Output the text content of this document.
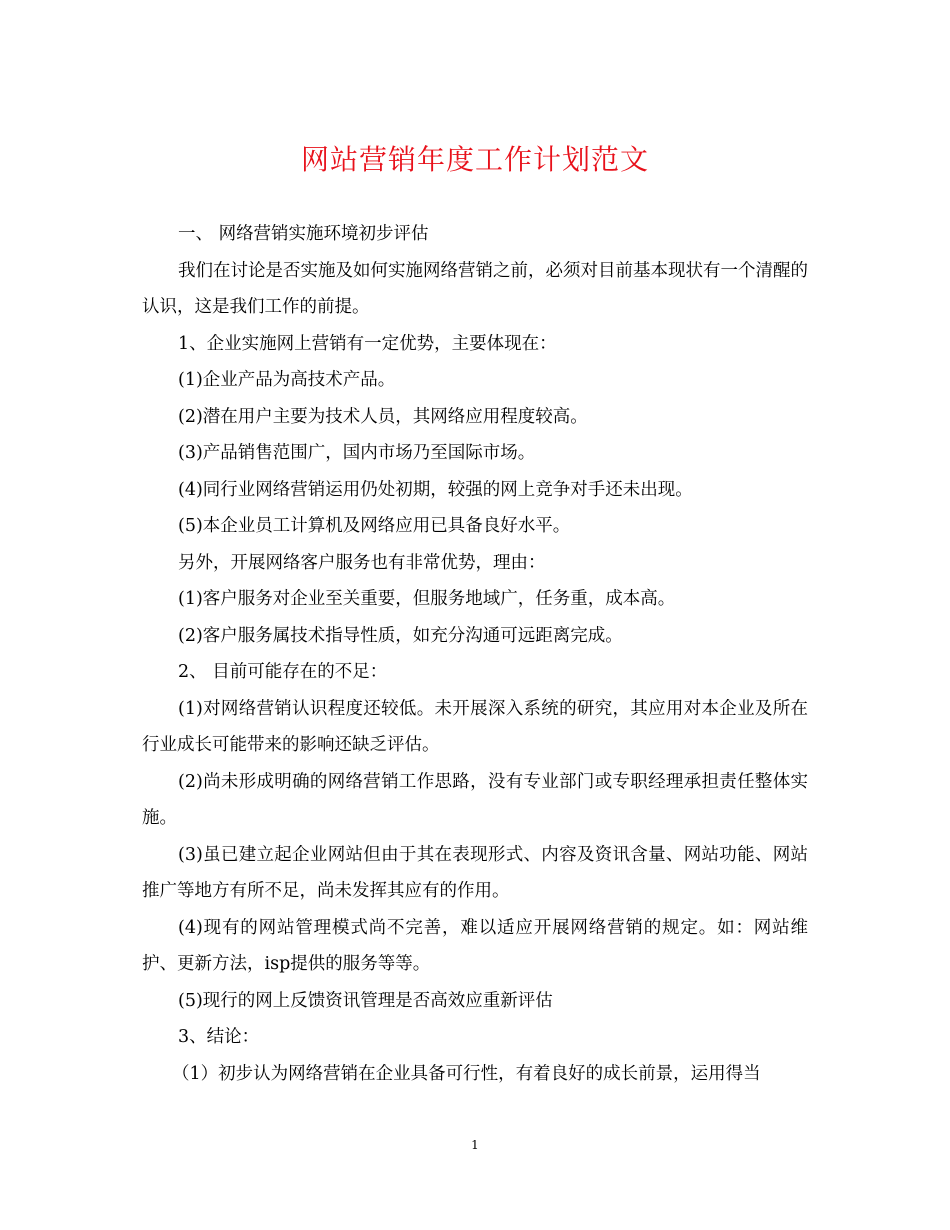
网站营销年度工作计划范文

一、 网络营销实施环境初步评估

我们在讨论是否实施及如何实施网络营销之前，必须对目前基本现状有一个清醒的认识，这是我们工作的前提。

1、企业实施网上营销有一定优势，主要体现在：

(1)企业产品为高技术产品。

(2)潜在用户主要为技术人员，其网络应用程度较高。

(3)产品销售范围广，国内市场乃至国际市场。

(4)同行业网络营销运用仍处初期，较强的网上竞争对手还未出现。

(5)本企业员工计算机及网络应用已具备良好水平。

另外，开展网络客户服务也有非常优势，理由：

(1)客户服务对企业至关重要，但服务地域广，任务重，成本高。

(2)客户服务属技术指导性质，如充分沟通可远距离完成。

2、 目前可能存在的不足：

(1)对网络营销认识程度还较低。未开展深入系统的研究，其应用对本企业及所在行业成长可能带来的影响还缺乏评估。

(2)尚未形成明确的网络营销工作思路，没有专业部门或专职经理承担责任整体实施。

(3)虽已建立起企业网站但由于其在表现形式、内容及资讯含量、网站功能、网站推广等地方有所不足，尚未发挥其应有的作用。

(4)现有的网站管理模式尚不完善，难以适应开展网络营销的规定。如：网站维护、更新方法，isp提供的服务等等。

(5)现行的网上反馈资讯管理是否高效应重新评估

3、结论：

（1）初步认为网络营销在企业具备可行性，有着良好的成长前景，运用得当

1
